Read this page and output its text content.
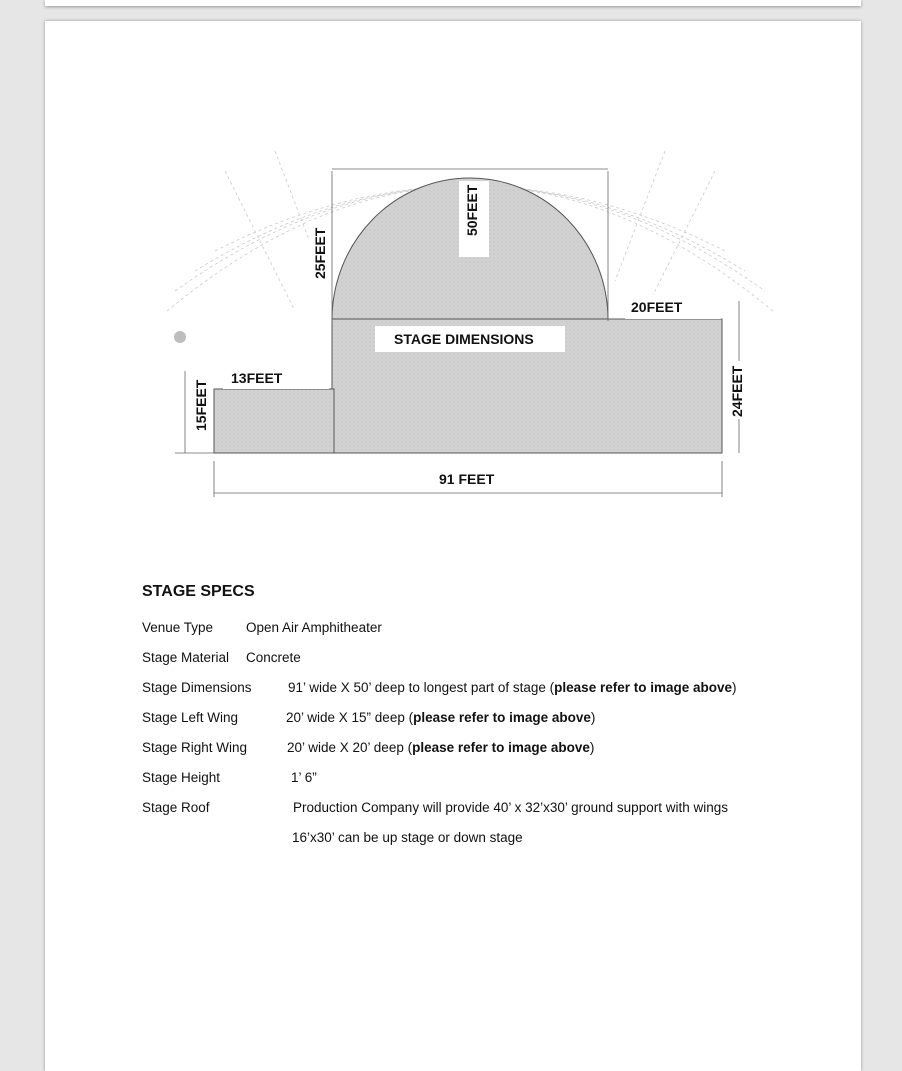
50FEET
25FEET
20FEET
STAGE DIMENSIONS
13FEET
15FEET	24FEET
91 FEET
STAGE SPECS
Venue Type Open Air Amphitheater
Stage Material Concrete
Stage Dimensions	91’ wide X 50’ deep to longest part of stage (please refer to image above)
Stage Left Wing	20’ wide X 15” deep (please refer to image above)
Stage Right Wing	20’ wide X 20’ deep (please refer to image above)
Stage Height	1’ 6”
Stage Roof	Production Company will provide 40’ x 32’x30’ ground support with wings
16’x30’ can be up stage or down stage
